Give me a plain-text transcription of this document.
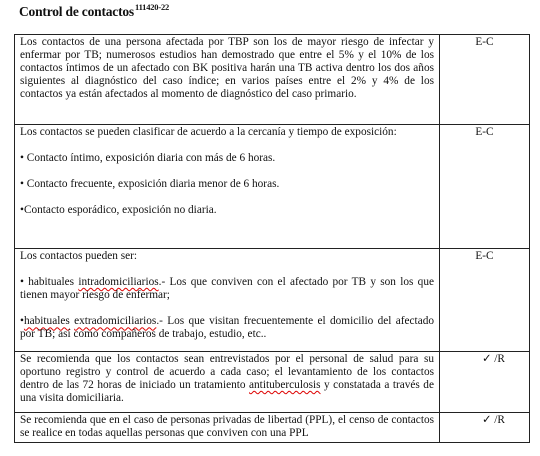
Control de contactos$^{111420-22}$

Los contactos de una persona afectada por TBP son los de mayor riesgo de infectar y enfermar por TB; numerosos estudios han demostrado que entre el 5% y el 10% de los contactos íntimos de un afectado con BK positiva harán una TB activa dentro los dos años siguientes al diagnóstico del caso índice; en varios países entre el 2% y 4% de los contactos ya están afectados al momento de diagnóstico del caso primario.	E-C

Los contactos se pueden clasificar de acuerdo a la cercanía y tiempo de exposición:

• Contacto íntimo, exposición diaria con más de 6 horas.

• Contacto frecuente, exposición diaria menor de 6 horas.

•Contacto esporádico, exposición no diaria.	E-C

Los contactos pueden ser:

• habituales intradomiciliarios.- Los que conviven con el afectado por TB y son los que tienen mayor riesgo de enfermar;

•habituales extradomiciliarios.- Los que visitan frecuentemente el domicilio del afectado por TB; así como compañeros de trabajo, estudio, etc..	E-C

Se recomienda que los contactos sean entrevistados por el personal de salud para su oportuno registro y control de acuerdo a cada caso; el levantamiento de los contactos dentro de las 72 horas de iniciado un tratamiento antituberculosis y constatada a través de una visita domiciliaria.	✓ /R

Se recomienda que en el caso de personas privadas de libertad (PPL), el censo de contactos se realice en todas aquellas personas que conviven con una PPL	✓ /R
